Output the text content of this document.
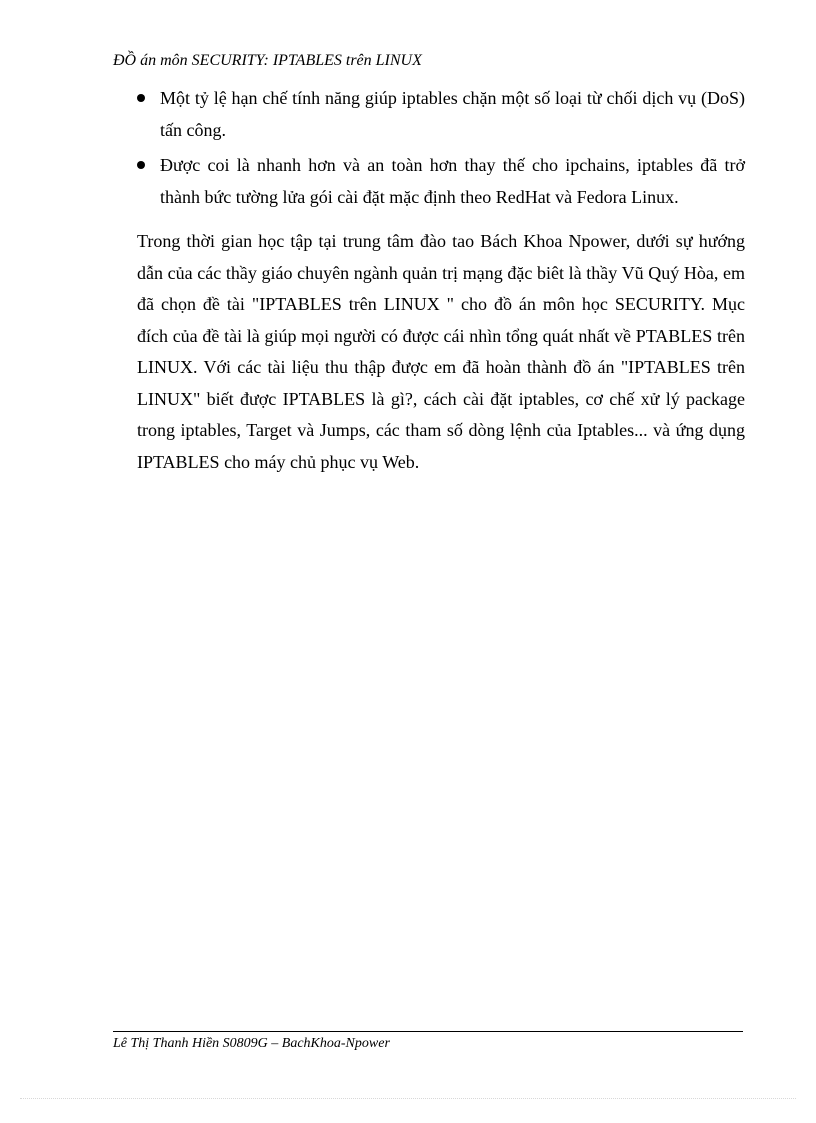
ĐỒ án môn SECURITY: IPTABLES trên LINUX
Một tỷ lệ hạn chế tính năng giúp iptables chặn một số loại từ chối dịch vụ (DoS) tấn công.
Được coi là nhanh hơn và an toàn hơn thay thế cho ipchains, iptables đã trở thành bức tường lửa gói cài đặt mặc định theo RedHat và Fedora Linux.

Trong thời gian học tập tại trung tâm đào tao Bách Khoa Npower, dưới sự hướng dẫn của các thầy giáo chuyên ngành quản trị mạng đặc biêt là thầy Vũ Quý Hòa, em đã chọn đề tài "IPTABLES trên LINUX " cho đồ án môn học SECURITY. Mục đích của đề tài là giúp mọi người có được cái nhìn tổng quát nhất về PTABLES trên LINUX. Với các tài liệu thu thập được em đã hoàn thành đồ án "IPTABLES trên LINUX" biết được IPTABLES là gì?, cách cài đặt iptables, cơ chế xử lý package trong iptables, Target và Jumps, các tham số dòng lệnh của Iptables... và ứng dụng IPTABLES cho máy chủ phục vụ Web.

Lê Thị Thanh Hiền S0809G – BachKhoa-Npower
